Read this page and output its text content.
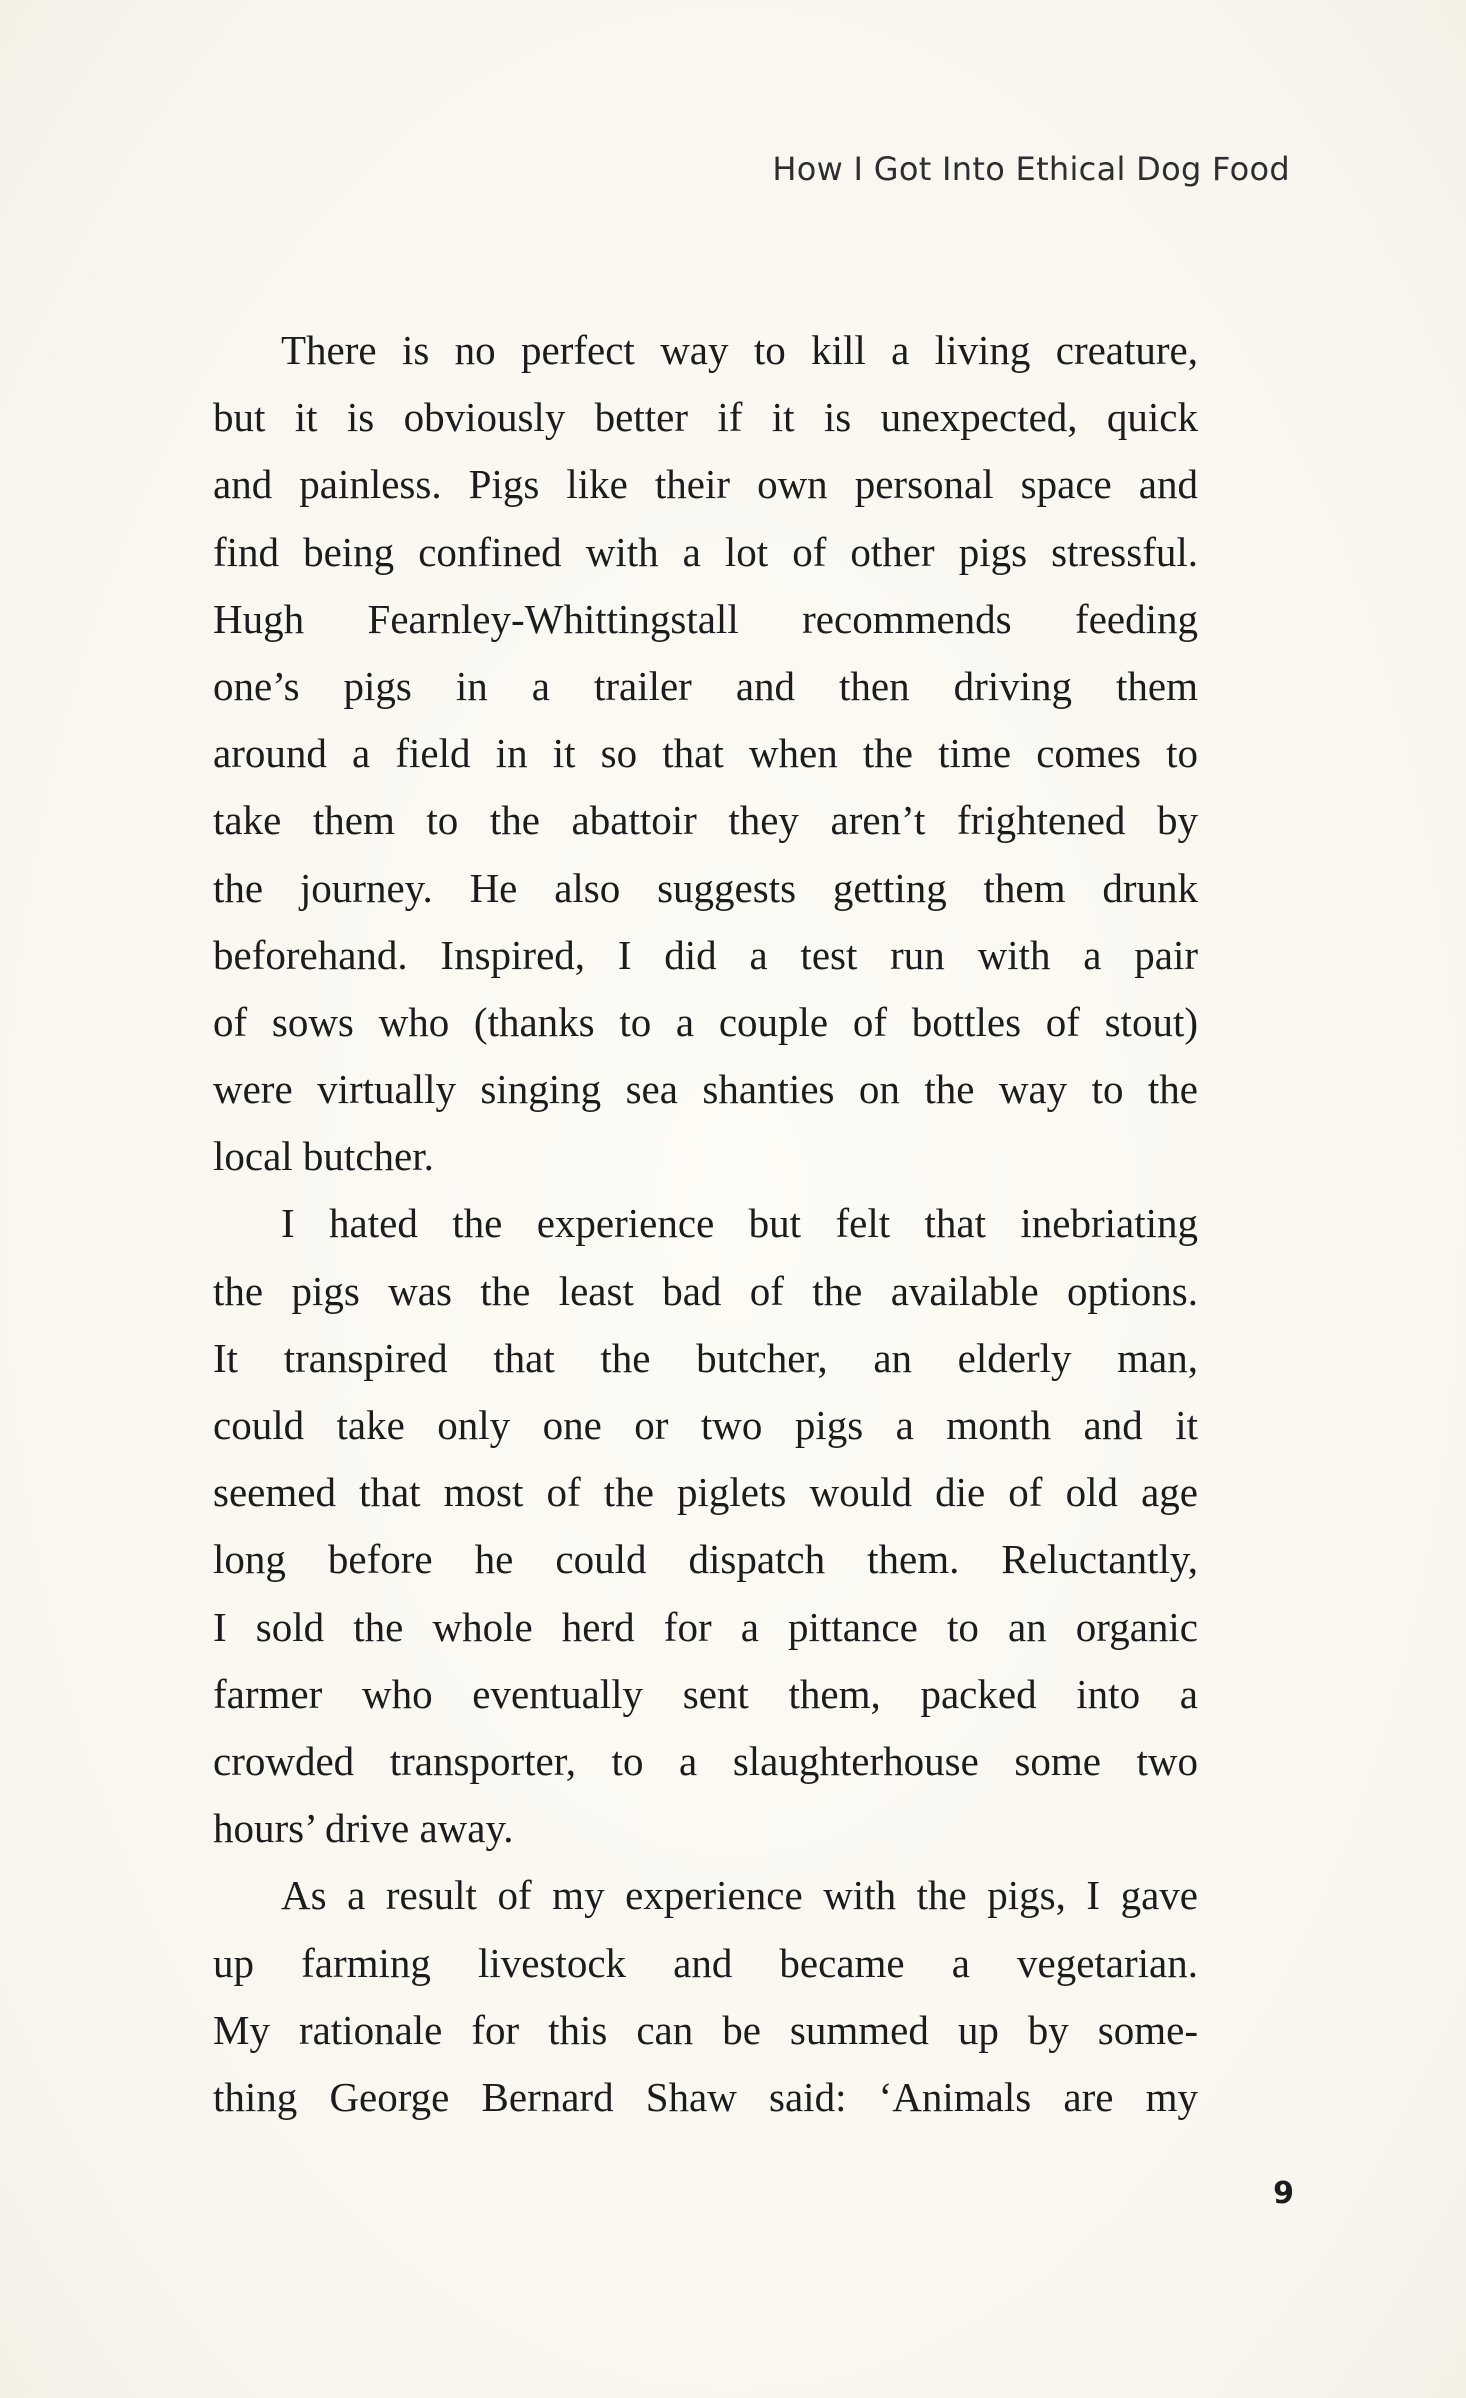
How I Got Into Ethical Dog Food
There is no perfect way to kill a living creature,
but it is obviously better if it is unexpected, quick
and painless. Pigs like their own personal space and
find being confined with a lot of other pigs stressful.
Hugh Fearnley-Whittingstall recommends feeding
one’s pigs in a trailer and then driving them
around a field in it so that when the time comes to
take them to the abattoir they aren’t frightened by
the journey. He also suggests getting them drunk
beforehand. Inspired, I did a test run with a pair
of sows who (thanks to a couple of bottles of stout)
were virtually singing sea shanties on the way to the
local butcher.
I hated the experience but felt that inebriating
the pigs was the least bad of the available options.
It transpired that the butcher, an elderly man,
could take only one or two pigs a month and it
seemed that most of the piglets would die of old age
long before he could dispatch them. Reluctantly,
I sold the whole herd for a pittance to an organic
farmer who eventually sent them, packed into a
crowded transporter, to a slaughterhouse some two
hours’ drive away.
As a result of my experience with the pigs, I gave
up farming livestock and became a vegetarian.
My rationale for this can be summed up by some-
thing George Bernard Shaw said: ‘Animals are my
9
